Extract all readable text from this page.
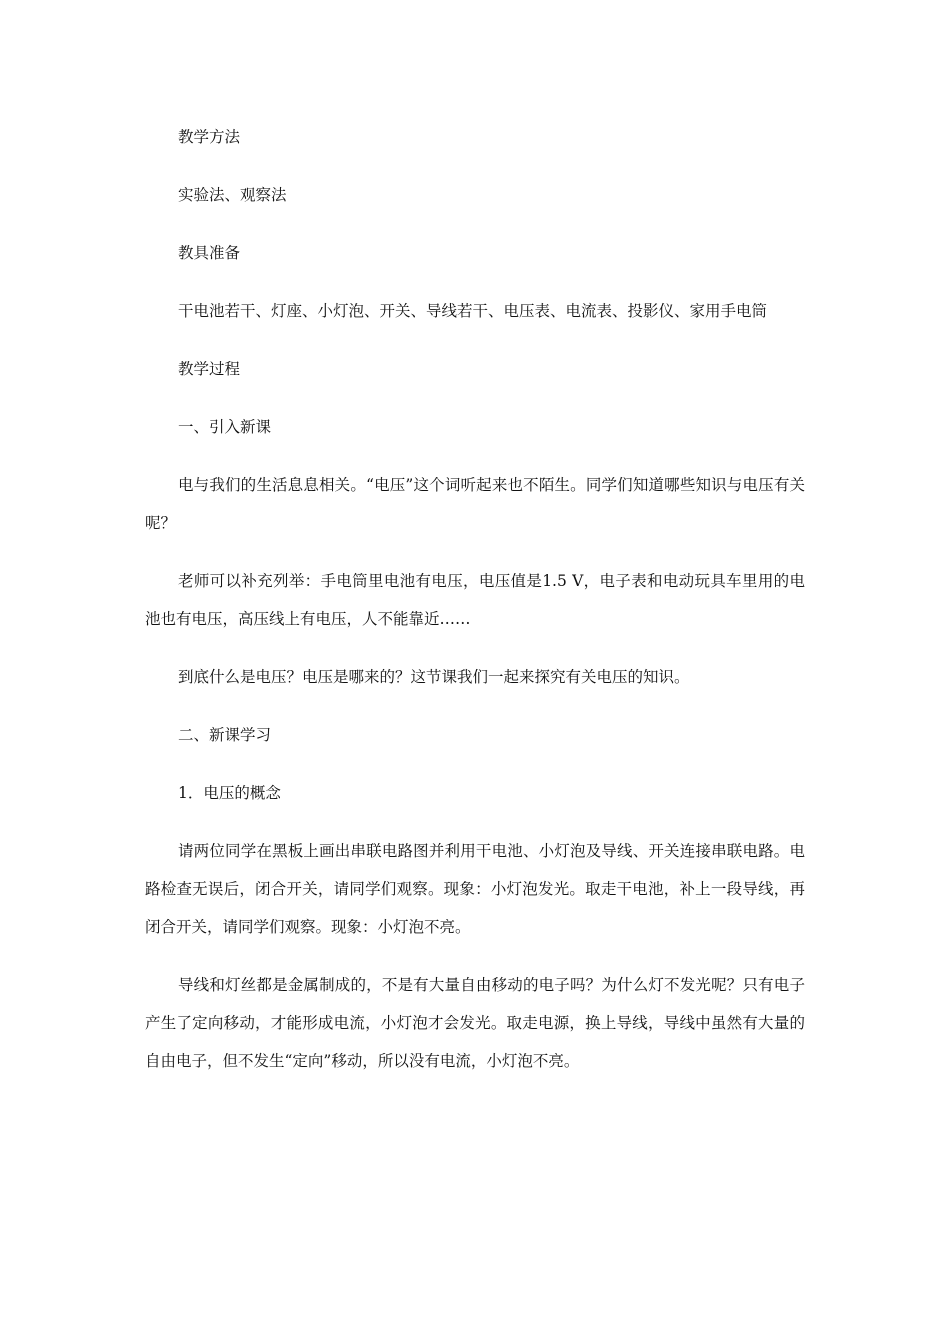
教学方法

实验法、观察法

教具准备

干电池若干、灯座、小灯泡、开关、导线若干、电压表、电流表、投影仪、家用手电筒

教学过程

一、引入新课

电与我们的生活息息相关。“电压”这个词听起来也不陌生。同学们知道哪些知识与电压有关呢？

老师可以补充列举：手电筒里电池有电压，电压值是1.5 V，电子表和电动玩具车里用的电池也有电压，高压线上有电压，人不能靠近……

到底什么是电压？电压是哪来的？这节课我们一起来探究有关电压的知识。

二、新课学习

1．电压的概念

请两位同学在黑板上画出串联电路图并利用干电池、小灯泡及导线、开关连接串联电路。电路检查无误后，闭合开关，请同学们观察。现象：小灯泡发光。取走干电池，补上一段导线，再闭合开关，请同学们观察。现象：小灯泡不亮。

导线和灯丝都是金属制成的，不是有大量自由移动的电子吗？为什么灯不发光呢？只有电子产生了定向移动，才能形成电流，小灯泡才会发光。取走电源，换上导线，导线中虽然有大量的自由电子，但不发生“定向”移动，所以没有电流，小灯泡不亮。
